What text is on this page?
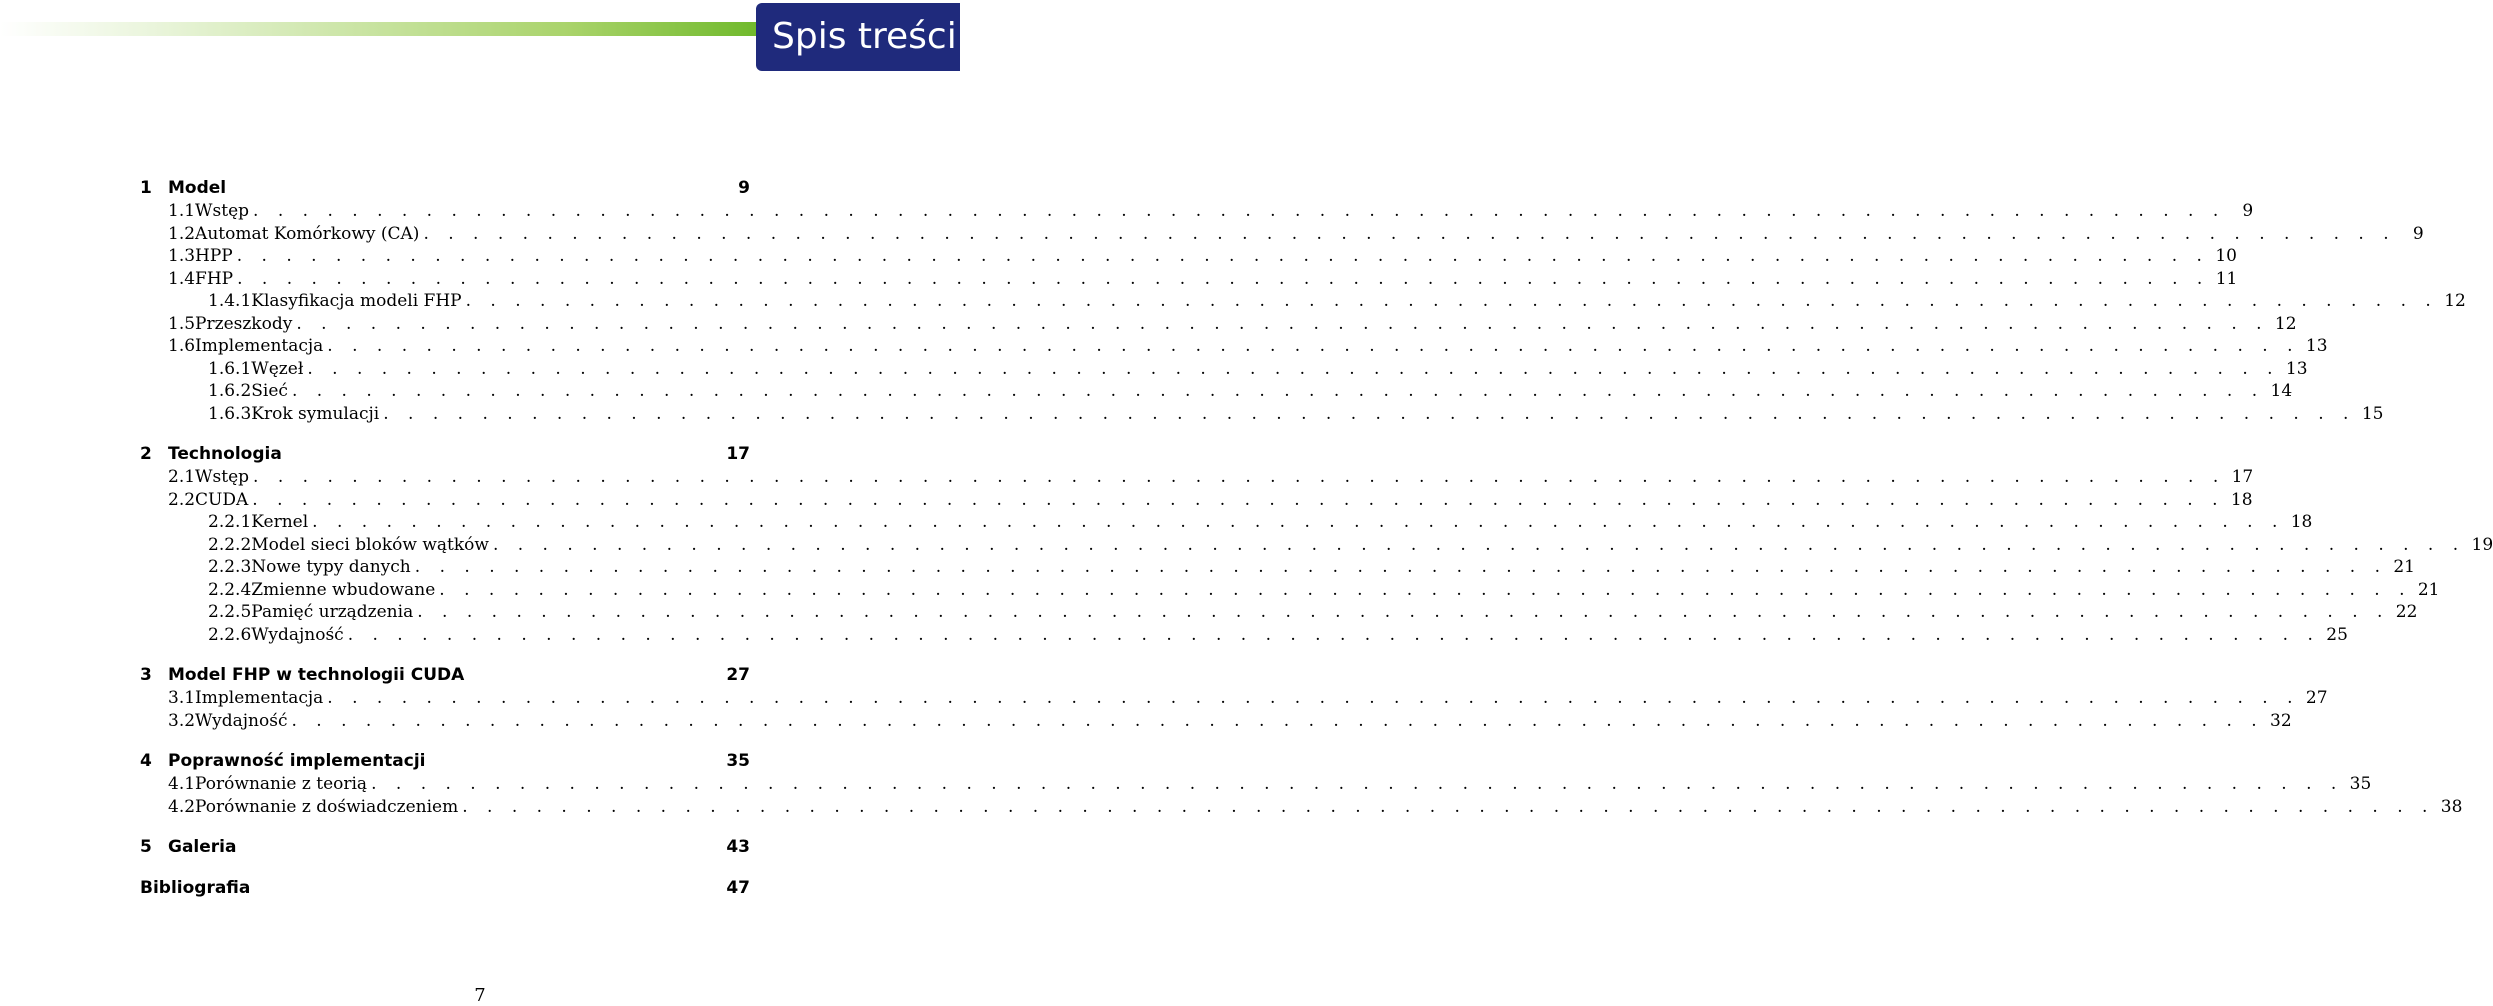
Spis treści
1 Model	9
1.1 Wstęp . . . . . . . . . . . . . . . . . . . . . . . . . . . . . . . . . . . . . . . . . . . . . . . . . . . . . . . . . . . . . . . . . . . . . . . . . . . . . . . .	9
1.2 Automat Komórkowy (CA) . . . . . . . . . . . . . . . . . . . . . . . . . . . . . . . . . . . . . . . . . . . . . . . . . . . . . . . . . . . . . . . . . . . . . . . . . . . . . . . .	9
1.3 HPP . . . . . . . . . . . . . . . . . . . . . . . . . . . . . . . . . . . . . . . . . . . . . . . . . . . . . . . . . . . . . . . . . . . . . . . . . . . . . . . . 10
1.4 FHP . . . . . . . . . . . . . . . . . . . . . . . . . . . . . . . . . . . . . . . . . . . . . . . . . . . . . . . . . . . . . . . . . . . . . . . . . . . . . . . . 11
1.4.1 Klasyfikacja modeli FHP . . . . . . . . . . . . . . . . . . . . . . . . . . . . . . . . . . . . . . . . . . . . . . . . . . . . . . . . . . . . . . . . . . . . . . . . . . . . . . . . 12
1.5 Przeszkody . . . . . . . . . . . . . . . . . . . . . . . . . . . . . . . . . . . . . . . . . . . . . . . . . . . . . . . . . . . . . . . . . . . . . . . . . . . . . . . . 12
1.6 Implementacja . . . . . . . . . . . . . . . . . . . . . . . . . . . . . . . . . . . . . . . . . . . . . . . . . . . . . . . . . . . . . . . . . . . . . . . . . . . . . . . . 13
1.6.1 Węzeł . . . . . . . . . . . . . . . . . . . . . . . . . . . . . . . . . . . . . . . . . . . . . . . . . . . . . . . . . . . . . . . . . . . . . . . . . . . . . . . . 13
1.6.2 Sieć . . . . . . . . . . . . . . . . . . . . . . . . . . . . . . . . . . . . . . . . . . . . . . . . . . . . . . . . . . . . . . . . . . . . . . . . . . . . . . . . 14
1.6.3 Krok symulacji . . . . . . . . . . . . . . . . . . . . . . . . . . . . . . . . . . . . . . . . . . . . . . . . . . . . . . . . . . . . . . . . . . . . . . . . . . . . . . . . 15
2 Technologia	17
2.1 Wstęp . . . . . . . . . . . . . . . . . . . . . . . . . . . . . . . . . . . . . . . . . . . . . . . . . . . . . . . . . . . . . . . . . . . . . . . . . . . . . . . . 17
2.2 CUDA . . . . . . . . . . . . . . . . . . . . . . . . . . . . . . . . . . . . . . . . . . . . . . . . . . . . . . . . . . . . . . . . . . . . . . . . . . . . . . . . 18
2.2.1 Kernel . . . . . . . . . . . . . . . . . . . . . . . . . . . . . . . . . . . . . . . . . . . . . . . . . . . . . . . . . . . . . . . . . . . . . . . . . . . . . . . . 18
2.2.2 Model sieci bloków wątków . . . . . . . . . . . . . . . . . . . . . . . . . . . . . . . . . . . . . . . . . . . . . . . . . . . . . . . . . . . . . . . . . . . . . . . . . . . . . . . . 19
2.2.3 Nowe typy danych . . . . . . . . . . . . . . . . . . . . . . . . . . . . . . . . . . . . . . . . . . . . . . . . . . . . . . . . . . . . . . . . . . . . . . . . . . . . . . . . 21
2.2.4 Zmienne wbudowane . . . . . . . . . . . . . . . . . . . . . . . . . . . . . . . . . . . . . . . . . . . . . . . . . . . . . . . . . . . . . . . . . . . . . . . . . . . . . . . . 21
2.2.5 Pamięć urządzenia . . . . . . . . . . . . . . . . . . . . . . . . . . . . . . . . . . . . . . . . . . . . . . . . . . . . . . . . . . . . . . . . . . . . . . . . . . . . . . . . 22
2.2.6 Wydajność . . . . . . . . . . . . . . . . . . . . . . . . . . . . . . . . . . . . . . . . . . . . . . . . . . . . . . . . . . . . . . . . . . . . . . . . . . . . . . . . 25
3 Model FHP w technologii CUDA	27
3.1 Implementacja . . . . . . . . . . . . . . . . . . . . . . . . . . . . . . . . . . . . . . . . . . . . . . . . . . . . . . . . . . . . . . . . . . . . . . . . . . . . . . . . 27
3.2 Wydajność . . . . . . . . . . . . . . . . . . . . . . . . . . . . . . . . . . . . . . . . . . . . . . . . . . . . . . . . . . . . . . . . . . . . . . . . . . . . . . . . 32
4 Poprawność implementacji	35
4.1 Porównanie z teorią . . . . . . . . . . . . . . . . . . . . . . . . . . . . . . . . . . . . . . . . . . . . . . . . . . . . . . . . . . . . . . . . . . . . . . . . . . . . . . . . 35
4.2 Porównanie z doświadczeniem . . . . . . . . . . . . . . . . . . . . . . . . . . . . . . . . . . . . . . . . . . . . . . . . . . . . . . . . . . . . . . . . . . . . . . . . . . . . . . . . 38
5 Galeria	43
Bibliografia	47
7
